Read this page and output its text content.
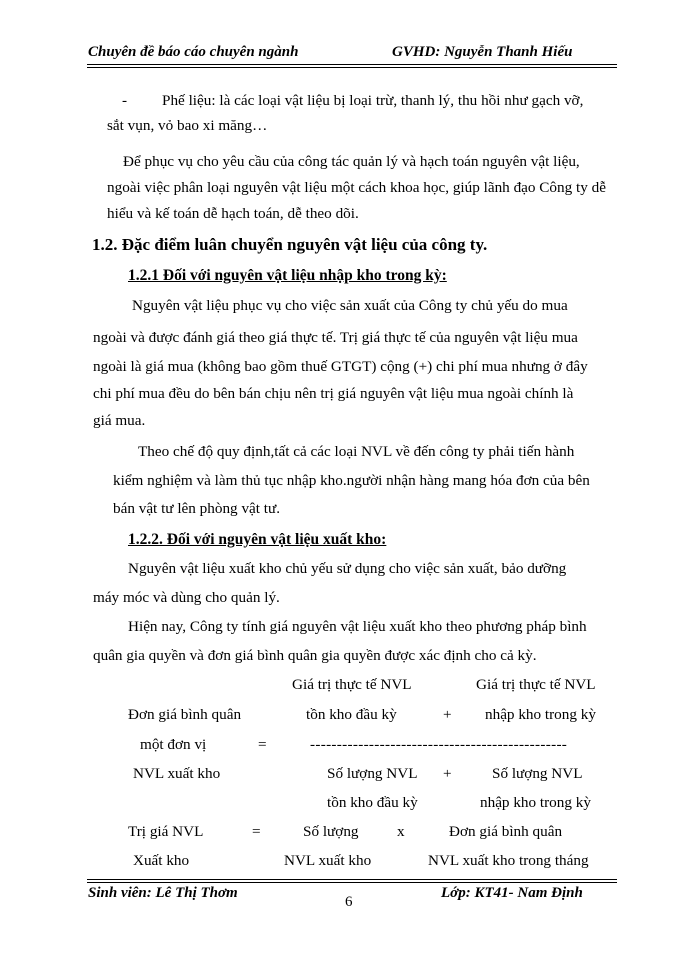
Chuyên đề báo cáo chuyên ngành	GVHD: Nguyễn Thanh Hiếu
- Phế liệu: là các loại vật liệu bị loại trừ, thanh lý, thu hồi như gạch vỡ,
sắt vụn, vỏ bao xi măng…
Để phục vụ cho yêu cầu của công tác quản lý và hạch toán nguyên vật liệu,
ngoài việc phân loại nguyên vật liệu một cách khoa học, giúp lãnh đạo Công ty dễ
hiểu và kế toán dễ hạch toán, dễ theo dõi.
1.2. Đặc điểm luân chuyển nguyên vật liệu của công ty.
1.2.1 Đối với nguyên vật liệu nhập kho trong kỳ:
Nguyên vật liệu phục vụ cho việc sản xuất của Công ty chủ yếu do mua
ngoài và được đánh giá theo giá thực tế. Trị giá thực tế của nguyên vật liệu mua
ngoài là giá mua (không bao gồm thuế GTGT) cộng (+) chi phí mua nhưng ở đây
chi phí mua đều do bên bán chịu nên trị giá nguyên vật liệu mua ngoài chính là
giá mua.
Theo chế độ quy định,tất cả các loại NVL về đến công ty phải tiến hành
kiểm nghiệm và làm thủ tục nhập kho.người nhận hàng mang hóa đơn của bên
bán vật tư lên phòng vật tư.
1.2.2. Đối với nguyên vật liệu xuất kho:
Nguyên vật liệu xuất kho chủ yếu sử dụng cho việc sản xuất, bảo dưỡng
máy móc và dùng cho quản lý.
Hiện nay, Công ty tính giá nguyên vật liệu xuất kho theo phương pháp bình
quân gia quyền và đơn giá bình quân gia quyền được xác định cho cả kỳ.
Giá trị thực tế NVL	Giá trị thực tế NVL
Đơn giá bình quân	tồn kho đầu kỳ	+ nhập kho trong kỳ
một đơn vị	=	------------------------------------------------
NVL xuất kho	Số lượng NVL +	Số lượng NVL
tồn kho đầu kỳ	nhập kho trong kỳ
Trị giá NVL	=	Số lượng	x	Đơn giá bình quân
Xuất kho	NVL xuất kho	NVL xuất kho trong tháng
Sinh viên: Lê Thị Thơm
6
Lớp: KT41- Nam Định
